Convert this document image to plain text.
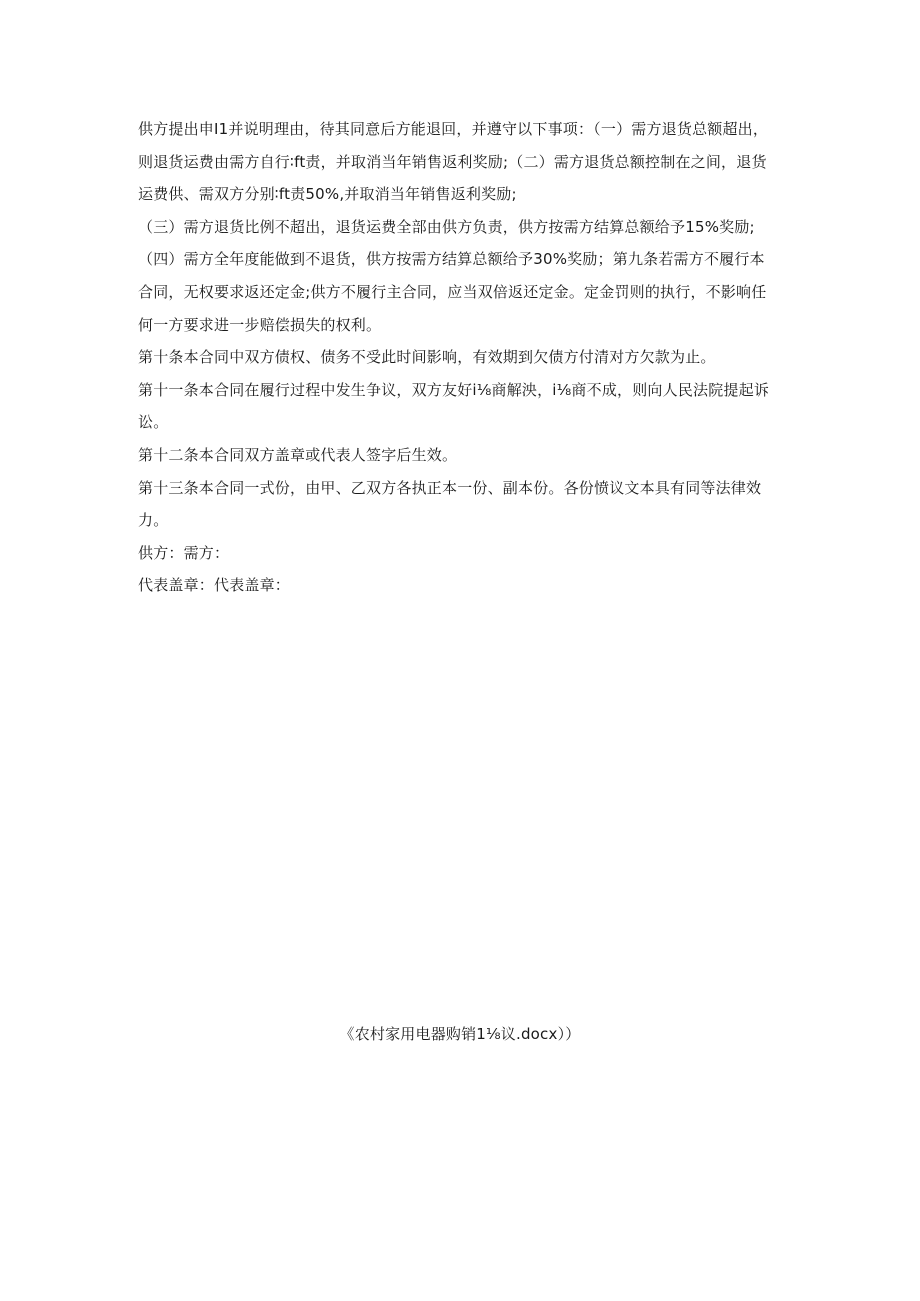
供方提出申I1并说明理由，待其同意后方能退回，并遵守以下事项：（一）需方退货总额超出，则退货运费由需方自行∶ft责，并取消当年销售返利奖励;（二）需方退货总额控制在之间，退货运费供、需双方分别∶ft责50%,并取消当年销售返利奖励;

（三）需方退货比例不超出，退货运费全部由供方负责，供方按需方结算总额给予15%奖励;

（四）需方全年度能做到不退货，供方按需方结算总额给予30%奖励；第九条若需方不履行本合同，无权要求返还定金;供方不履行主合同，应当双倍返还定金。定金罚则的执行，不影响任何一方要求进一步赔偿损失的权利。

第十条本合同中双方债权、债务不受此时间影响，有效期到欠债方付清对方欠款为止。

第十一条本合同在履行过程中发生争议，双方友好i⅛商解泱，i⅛商不成，则向人民法院提起诉讼。

第十二条本合同双方盖章或代表人签字后生效。

第十三条本合同一式份，由甲、乙双方各执正本一份、副本份。各份愤议文本具有同等法律效力。

供方：需方：

代表盖章：代表盖章：

《农村家用电器购销1⅛议.docx））
